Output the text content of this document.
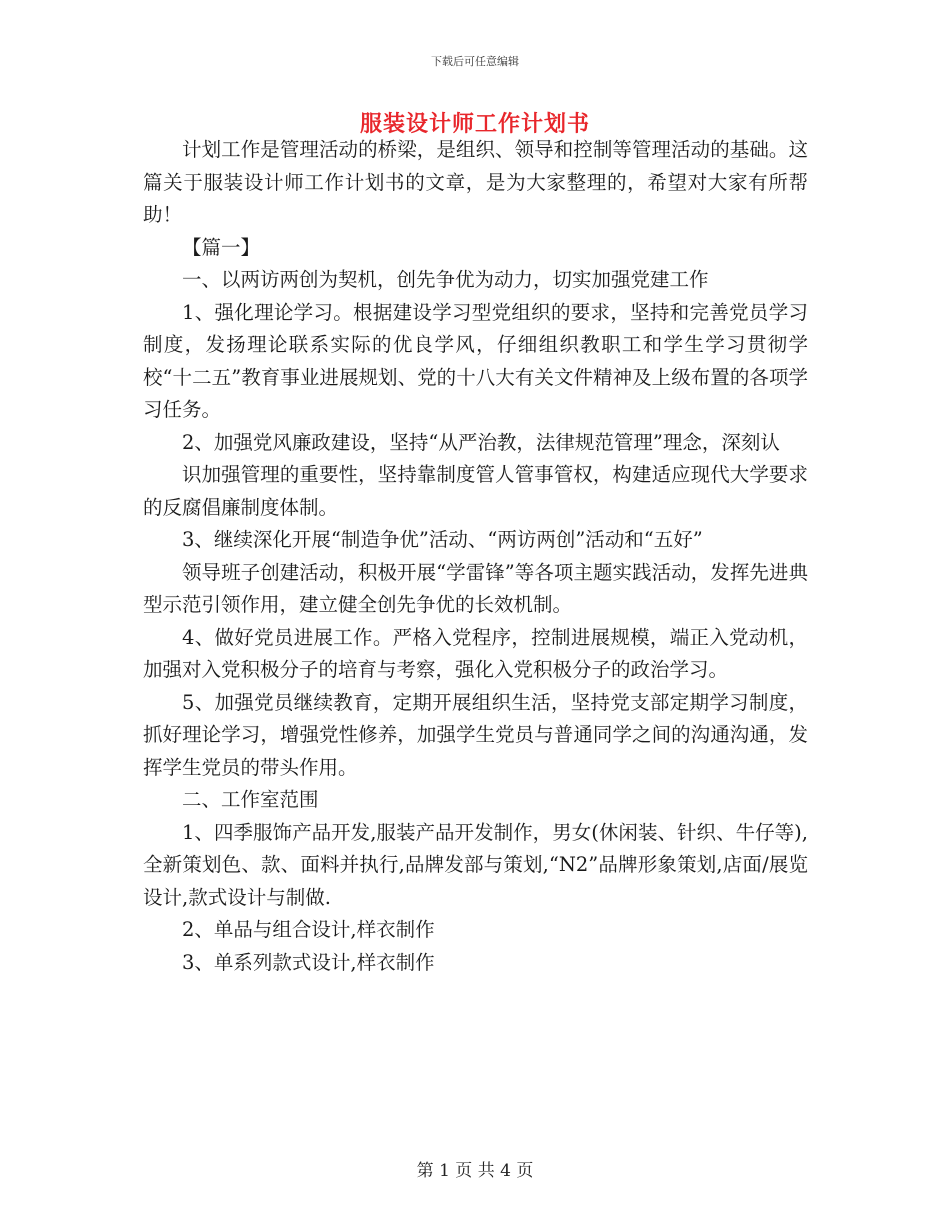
下载后可任意编辑
服装设计师工作计划书

计划工作是管理活动的桥梁，是组织、领导和控制等管理活动的基础。这篇关于服装设计师工作计划书的文章，是为大家整理的，希望对大家有所帮助！

【篇一】

一、以两访两创为契机，创先争优为动力，切实加强党建工作

1、强化理论学习。根据建设学习型党组织的要求，坚持和完善党员学习制度，发扬理论联系实际的优良学风，仔细组织教职工和学生学习贯彻学校“十二五”教育事业进展规划、党的十八大有关文件精神及上级布置的各项学习任务。

2、加强党风廉政建设，坚持“从严治教，法律规范管理”理念，深刻认

识加强管理的重要性，坚持靠制度管人管事管权，构建适应现代大学要求的反腐倡廉制度体制。

3、继续深化开展“制造争优”活动、“两访两创”活动和“五好”

领导班子创建活动，积极开展“学雷锋”等各项主题实践活动，发挥先进典型示范引领作用，建立健全创先争优的长效机制。

4、做好党员进展工作。严格入党程序，控制进展规模，端正入党动机，加强对入党积极分子的培育与考察，强化入党积极分子的政治学习。

5、加强党员继续教育，定期开展组织生活，坚持党支部定期学习制度，抓好理论学习，增强党性修养，加强学生党员与普通同学之间的沟通沟通，发挥学生党员的带头作用。

二、工作室范围

1、四季服饰产品开发,服装产品开发制作，男女(休闲装、针织、牛仔等),全新策划色、款、面料并执行,品牌发部与策划,“N2”品牌形象策划,店面/展览设计,款式设计与制做.

2、单品与组合设计,样衣制作

3、单系列款式设计,样衣制作

第 1 页 共 4 页
